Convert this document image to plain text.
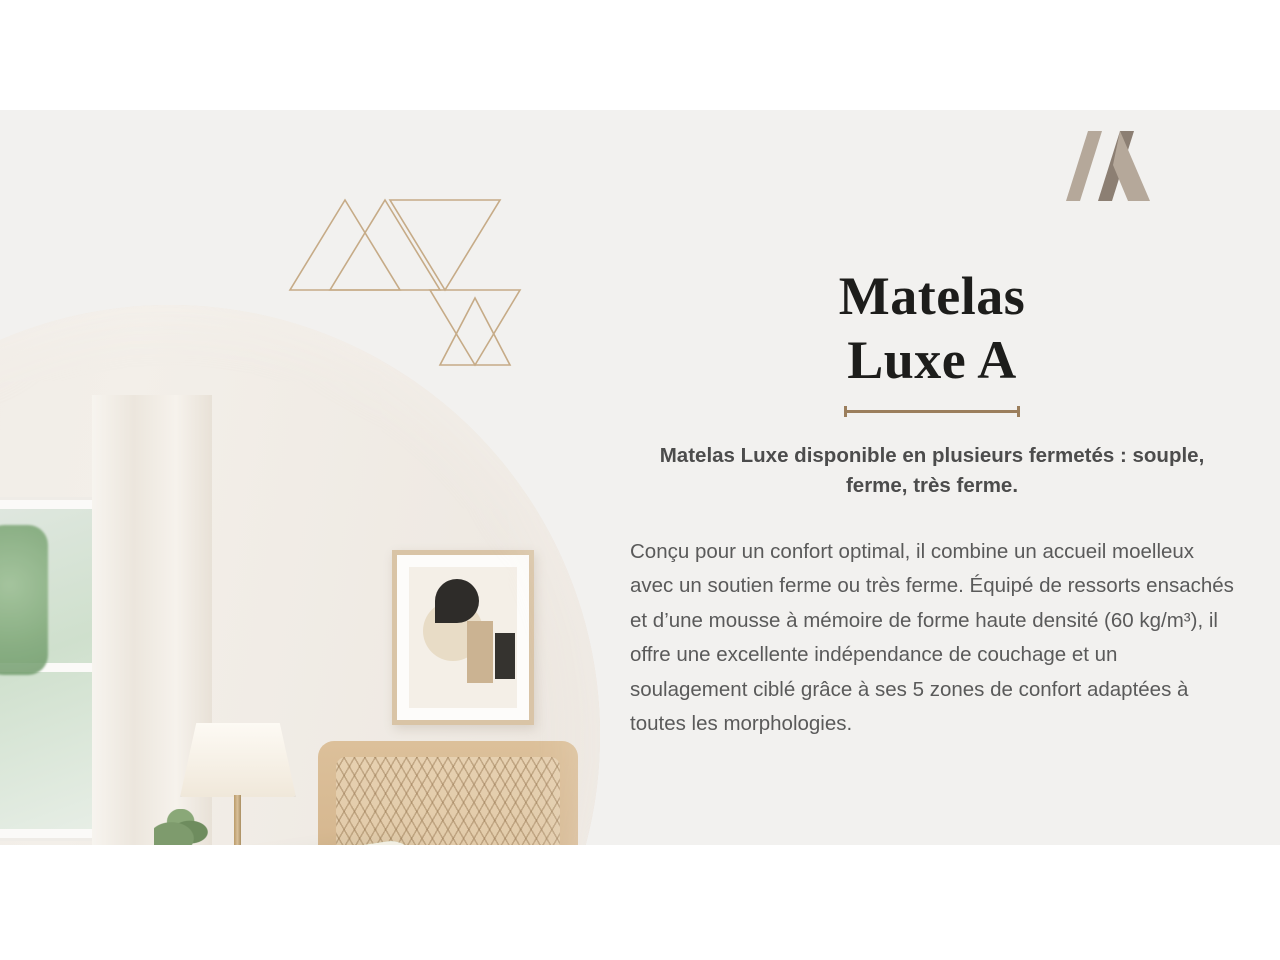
Matelas
Luxe A

Matelas Luxe disponible en plusieurs fermetés : souple, ferme, très ferme.

Conçu pour un confort optimal, il combine un accueil moelleux avec un soutien ferme ou très ferme. Équipé de ressorts ensachés et d’une mousse à mémoire de forme haute densité (60 kg/m³), il offre une excellente indépendance de couchage et un soulagement ciblé grâce à ses 5 zones de confort adaptées à toutes les morphologies.
